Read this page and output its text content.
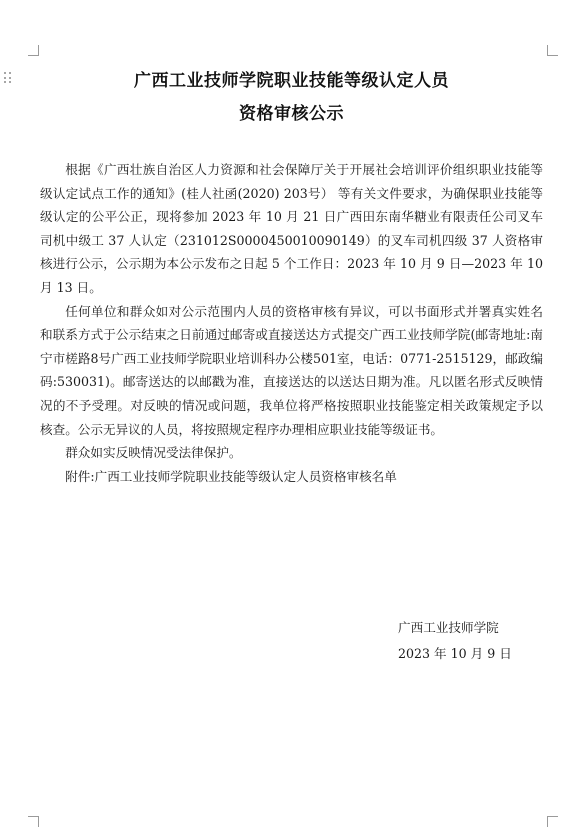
广西工业技师学院职业技能等级认定人员
资格审核公示

根据《广西壮族自治区人力资源和社会保障厅关于开展社会培训评价组织职业技能等级认定试点工作的通知》(桂人社函(2020) 203号） 等有关文件要求，为确保职业技能等级认定的公平公正，现将参加 2023 年 10 月 21 日广西田东南华糖业有限责任公司叉车司机中级工 37 人认定（231012S0000450010090149）的叉车司机四级 37 人资格审核进行公示，公示期为本公示发布之日起 5 个工作日：2023 年 10 月 9 日—2023 年 10 月 13 日。

任何单位和群众如对公示范围内人员的资格审核有异议，可以书面形式并署真实姓名和联系方式于公示结束之日前通过邮寄或直接送达方式提交广西工业技师学院(邮寄地址:南宁市槎路8号广西工业技师学院职业培训科办公楼501室，电话：0771-2515129，邮政编码:530031)。邮寄送达的以邮戳为准，直接送达的以送达日期为准。凡以匿名形式反映情况的不予受理。对反映的情况或问题，我单位将严格按照职业技能鉴定相关政策规定予以核查。公示无异议的人员，将按照规定程序办理相应职业技能等级证书。

群众如实反映情况受法律保护。

附件:广西工业技师学院职业技能等级认定人员资格审核名单

广西工业技师学院
2023 年 10 月 9 日
